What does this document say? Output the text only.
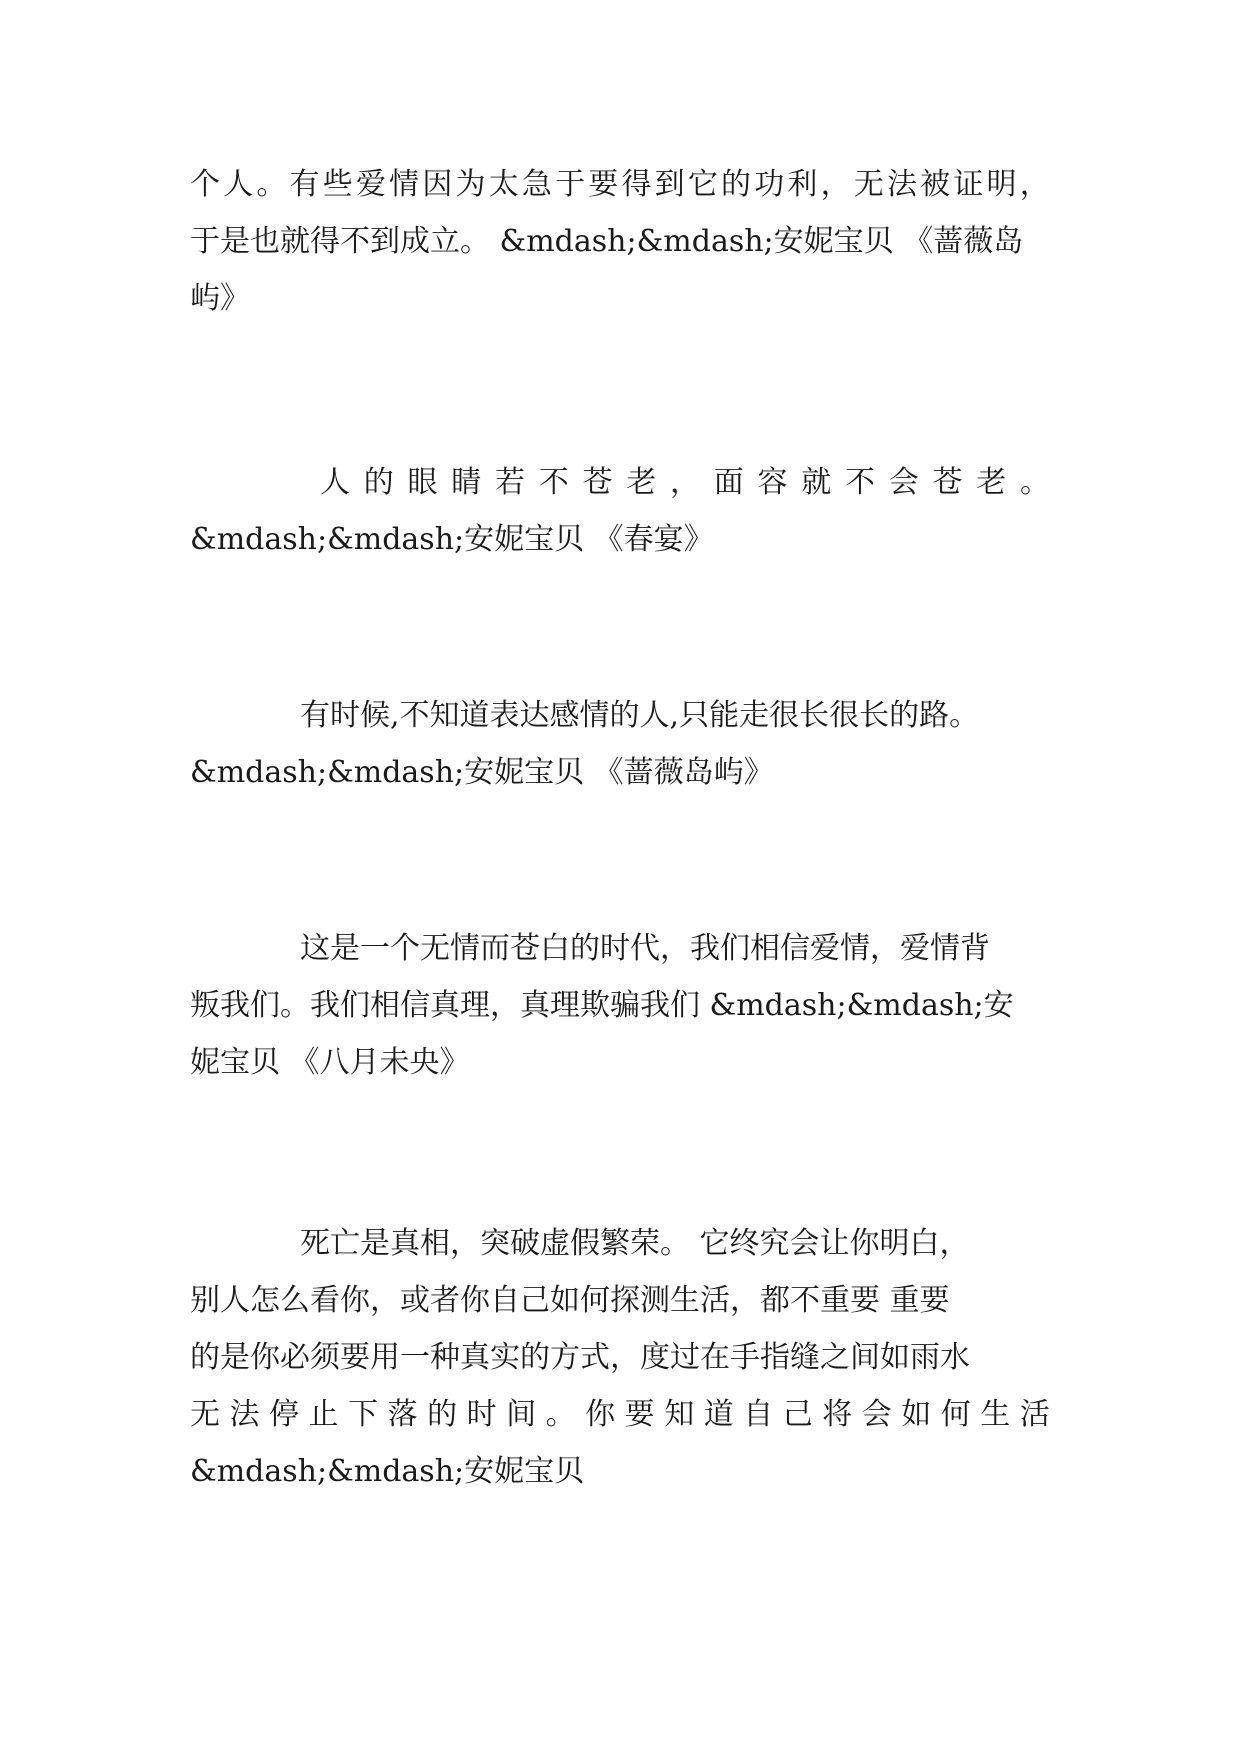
个 人 。 有 些 爱 情 因 为 太 急 于 要 得 到 它 的 功 利 ， 无 法 被 证 明 ，
于是也就得不到成立。 &mdash;&mdash;安妮宝贝 《蔷薇岛
屿》
人 的 眼 睛 若 不 苍 老 ， 面 容 就 不 会 苍 老 。
&mdash;&mdash;安妮宝贝 《春宴》
有时候,不知道表达感情的人,只能走很长很长的路。
&mdash;&mdash;安妮宝贝 《蔷薇岛屿》
这是一个无情而苍白的时代，我们相信爱情，爱情背
叛我们。我们相信真理，真理欺骗我们 &mdash;&mdash;安
妮宝贝 《八月未央》
死亡是真相，突破虚假繁荣。 它终究会让你明白，
别人怎么看你，或者你自己如何探测生活，都不重要 重要
的是你必须要用一种真实的方式，度过在手指缝之间如雨水
无 法 停 止 下 落 的 时 间 。 你 要 知 道 自 己 将 会 如 何 生 活
&mdash;&mdash;安妮宝贝
